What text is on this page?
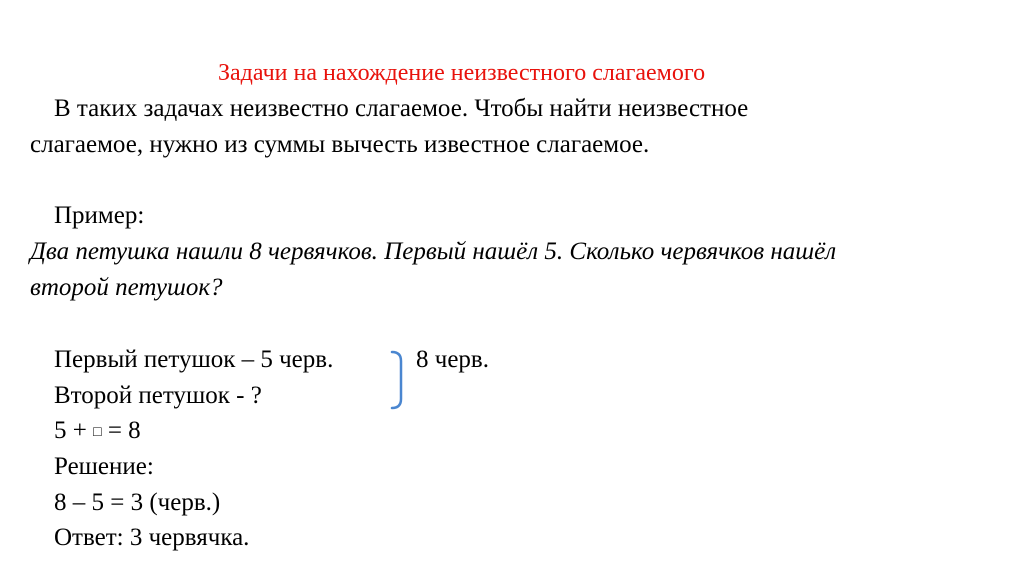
Задачи на нахождение неизвестного слагаемого
В таких задачах неизвестно слагаемое. Чтобы найти неизвестное
слагаемое, нужно из суммы вычесть известное слагаемое.
Пример:
Два петушка нашли 8 червячков. Первый нашёл 5. Сколько червячков нашёл
второй петушок?
Первый петушок – 5 черв.	8 черв.
Второй петушок - ?
5 + □ = 8
Решение:
8 – 5 = 3 (черв.)
Ответ: 3 червячка.
